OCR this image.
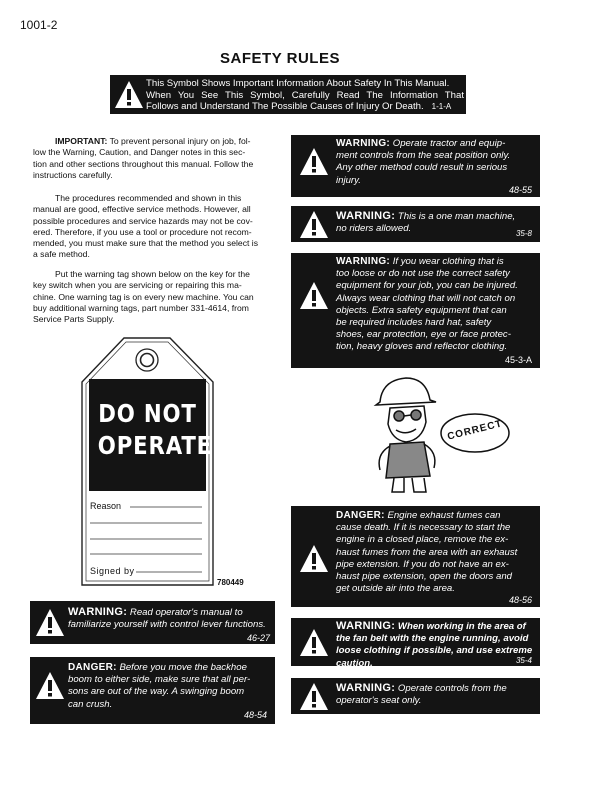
1001-2
SAFETY RULES
This Symbol Shows Important Information About Safety In This Manual.
When You See This Symbol, Carefully Read The Information That
Follows and Understand The Possible Causes of Injury Or Death. 1-1-A
IMPORTANT: To prevent personal injury on job, fol-
low the Warning, Caution, and Danger notes in this sec-
tion and other sections throughout this manual. Follow the
instructions carefully.
The procedures recommended and shown in this
manual are good, effective service methods. However, all
possible procedures and service hazards may not be cov-
ered. Therefore, if you use a tool or procedure not recom-
mended, you must make sure that the method you select is
a safe method.
Put the warning tag shown below on the key for the
key switch when you are servicing or repairing this ma-
chine. One warning tag is on every new machine. You can
buy additional warning tags, part number 331-4614, from
Service Parts Supply.
DO NOT
OPERATE
Reason
Signed by
780449
WARNING: Read operator's manual to
familiarize yourself with control lever functions.
46-27
DANGER: Before you move the backhoe
boom to either side, make sure that all per-
sons are out of the way. A swinging boom
can crush.
48-54
WARNING: Operate tractor and equip-
ment controls from the seat position only.
Any other method could result in serious
injury.
48-55
WARNING: This is a one man machine,
no riders allowed.	35-8
WARNING: If you wear clothing that is
too loose or do not use the correct safety
equipment for your job, you can be injured.
Always wear clothing that will not catch on
objects. Extra safety equipment that can
be required includes hard hat, safety
shoes, ear protection, eye or face protec-
tion, heavy gloves and reflector clothing.
45-3-A
CORRECT
DANGER: Engine exhaust fumes can
cause death. If it is necessary to start the
engine in a closed place, remove the ex-
haust fumes from the area with an exhaust
pipe extension. If you do not have an ex-
haust pipe extension, open the doors and
get outside air into the area.
48-56
WARNING: When working in the area of
the fan belt with the engine running, avoid
loose clothing if possible, and use extreme
caution.	35-4
WARNING: Operate controls from the
operator's seat only.
